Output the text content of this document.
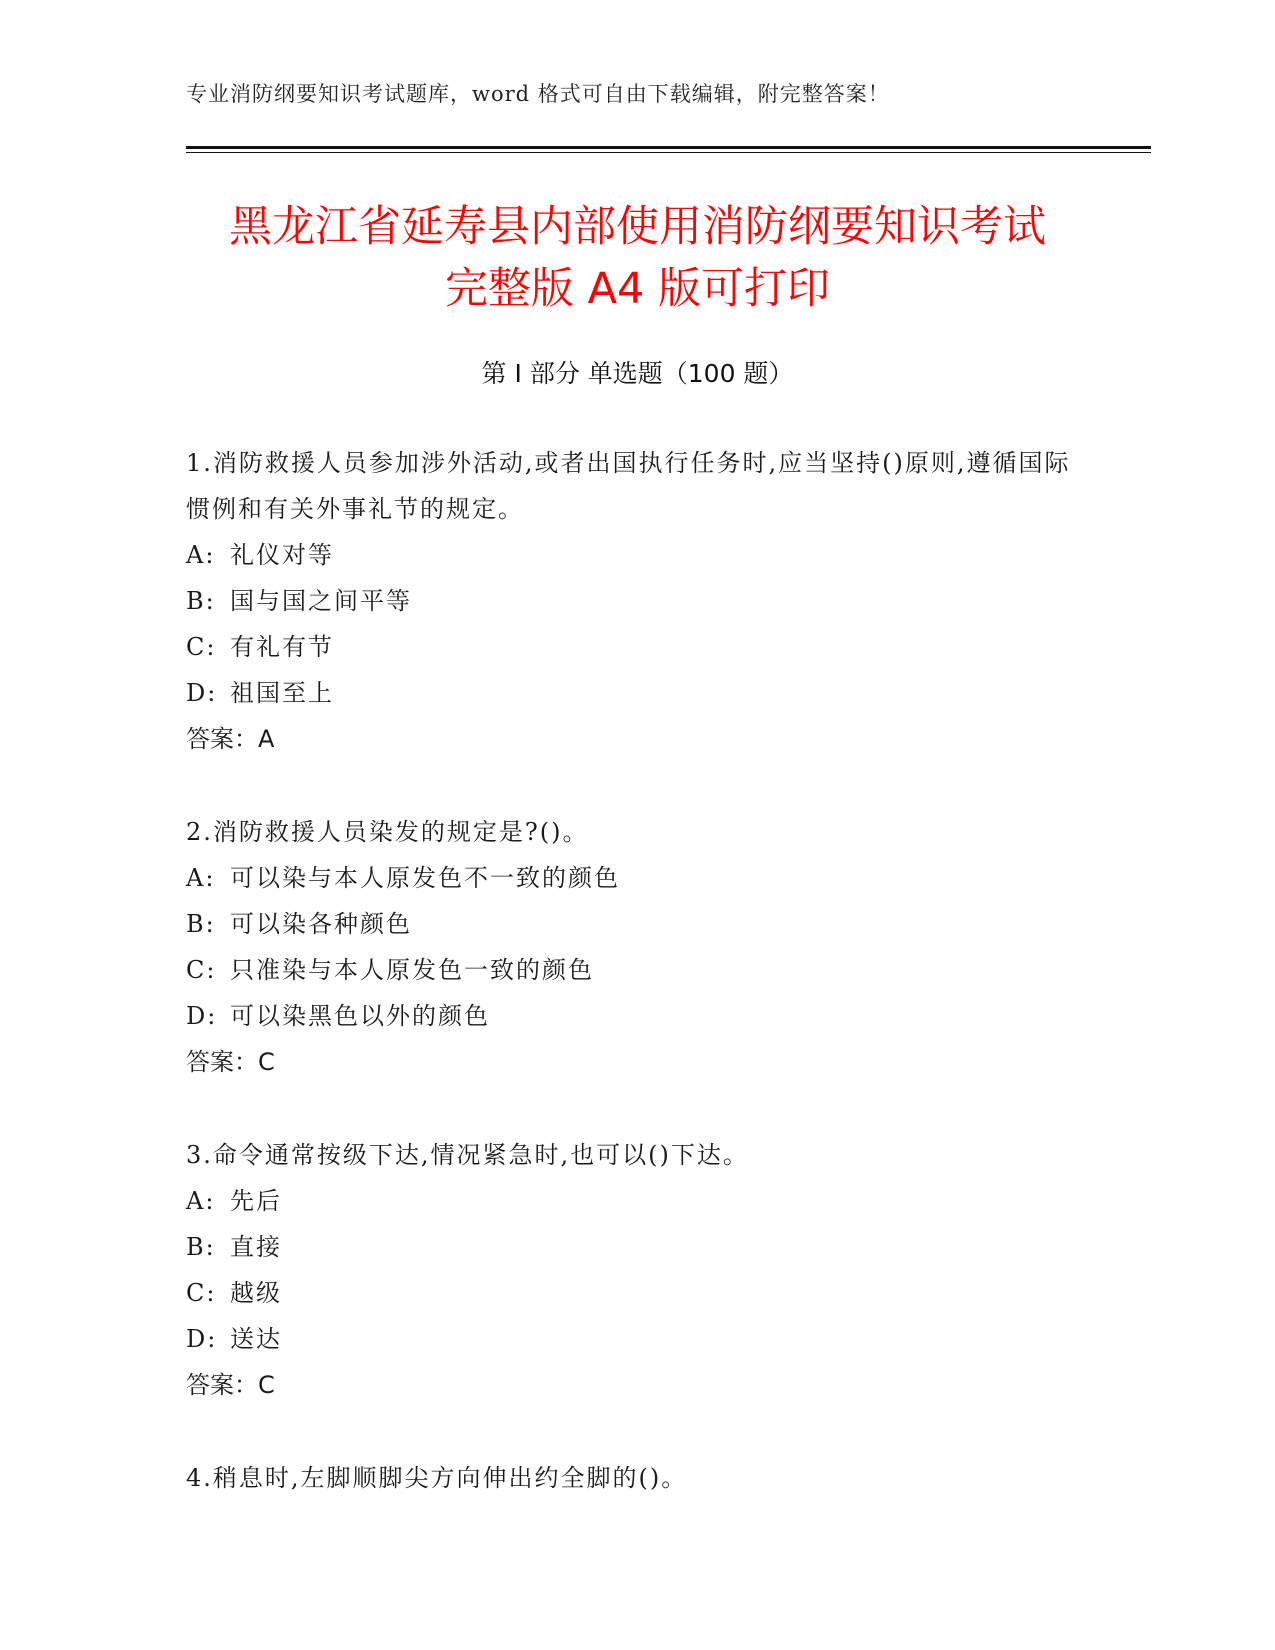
专业消防纲要知识考试题库，word 格式可自由下载编辑，附完整答案！
黑龙江省延寿县内部使用消防纲要知识考试
完整版 A4 版可打印
第 I 部分 单选题（100 题）

1.消防救援人员参加涉外活动,或者出国执行任务时,应当坚持()原则,遵循国际惯例和有关外事礼节的规定。

A: 礼仪对等
B: 国与国之间平等
C: 有礼有节
D: 祖国至上
答案：A

2.消防救援人员染发的规定是?()。

A: 可以染与本人原发色不一致的颜色
B: 可以染各种颜色
C: 只准染与本人原发色一致的颜色
D: 可以染黑色以外的颜色
答案：C

3.命令通常按级下达,情况紧急时,也可以()下达。

A: 先后
B: 直接
C: 越级
D: 送达
答案：C

4.稍息时,左脚顺脚尖方向伸出约全脚的()。
